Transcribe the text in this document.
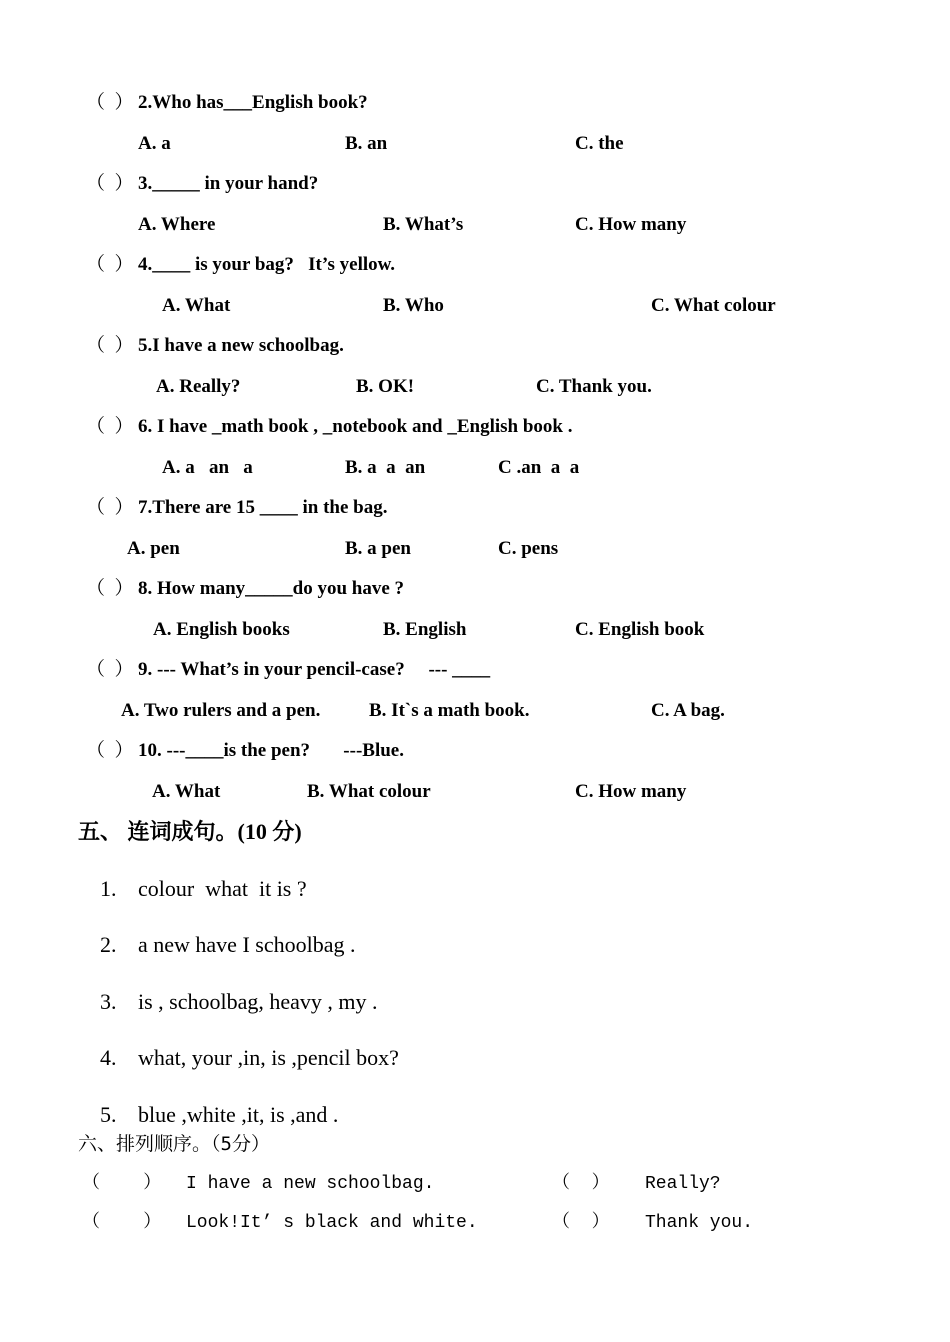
（  ） 2.Who has___English book?
A. a	B. an	C. the
（  ） 3._____ in your hand?
A. Where	B. What’s	C. How many
（  ） 4.____ is your bag?   It’s yellow.
A. What	B. Who	C. What colour
（  ） 5.I have a new schoolbag.
A. Really?	B. OK!	C. Thank you.
（  ） 6. I have _math book , _notebook and _English book .
A. a   an   a	B. a  a  an	C .an  a  a
（  ） 7.There are 15 ____ in the bag.
A. pen	B. a pen	C. pens
（  ） 8. How many_____do you have ?
A. English books	B. English	C. English book
（  ） 9. --- What’s in your pencil-case?     --- ____
A. Two rulers and a pen.	B. It`s a math book.	C. A bag.
（  ） 10. ---____is the pen?       ---Blue.
A. What	B. What colour	C. How many
五、 连词成句。(10 分)

1. colour  what  it is ?

2. a new have I schoolbag .

3. is , schoolbag, heavy , my .

4. what, your ,in, is ,pencil box?

5. blue ,white ,it, is ,and .

六、排列顺序。（5分）
（    ） I have a new schoolbag.	（  ） Really?
（    ） Look!It’ s black and white.	（  ） Thank you.
